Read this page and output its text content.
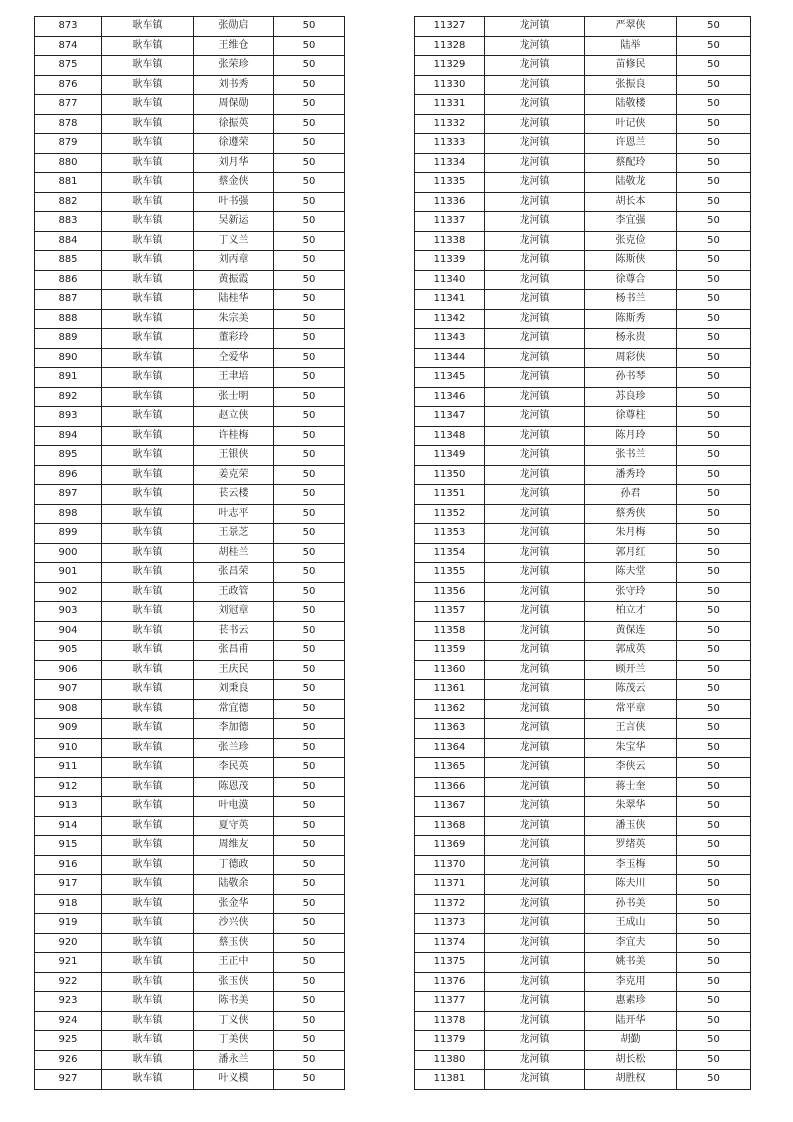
873	耿车镇	张勋启	50
874	耿车镇	王维仓	50
875	耿车镇	张荣珍	50
876	耿车镇	刘书秀	50
877	耿车镇	周保勋	50
878	耿车镇	徐振英	50
879	耿车镇	徐遵荣	50
880	耿车镇	刘月华	50
881	耿车镇	蔡金侠	50
882	耿车镇	叶书强	50
883	耿车镇	吴新运	50
884	耿车镇	丁义兰	50
885	耿车镇	刘丙章	50
886	耿车镇	黄振霞	50
887	耿车镇	陆桂华	50
888	耿车镇	朱宗美	50
889	耿车镇	董彩玲	50
890	耿车镇	仝爱华	50
891	耿车镇	王聿培	50
892	耿车镇	张士明	50
893	耿车镇	赵立侠	50
894	耿车镇	许桂梅	50
895	耿车镇	王银侠	50
896	耿车镇	姜克荣	50
897	耿车镇	苌云楼	50
898	耿车镇	叶志平	50
899	耿车镇	王景芝	50
900	耿车镇	胡桂兰	50
901	耿车镇	张昌荣	50
902	耿车镇	王政管	50
903	耿车镇	刘冠章	50
904	耿车镇	苌书云	50
905	耿车镇	张昌甫	50
906	耿车镇	王庆民	50
907	耿车镇	刘秉良	50
908	耿车镇	常宜德	50
909	耿车镇	李加德	50
910	耿车镇	张兰珍	50
911	耿车镇	李民英	50
912	耿车镇	陈恩茂	50
913	耿车镇	叶电漠	50
914	耿车镇	夏守英	50
915	耿车镇	周维友	50
916	耿车镇	丁德政	50
917	耿车镇	陆敬余	50
918	耿车镇	张金华	50
919	耿车镇	沙兴侠	50
920	耿车镇	蔡玉侠	50
921	耿车镇	王正中	50
922	耿车镇	张玉侠	50
923	耿车镇	陈书美	50
924	耿车镇	丁义侠	50
925	耿车镇	丁美侠	50
926	耿车镇	潘永兰	50
927	耿车镇	叶义模	50
11327	龙河镇	严翠侠	50
11328	龙河镇	陆举	50
11329	龙河镇	苗修民	50
11330	龙河镇	张振良	50
11331	龙河镇	陆敬楼	50
11332	龙河镇	叶记侠	50
11333	龙河镇	许恩兰	50
11334	龙河镇	蔡配玲	50
11335	龙河镇	陆敬龙	50
11336	龙河镇	胡长本	50
11337	龙河镇	李宜强	50
11338	龙河镇	张克俭	50
11339	龙河镇	陈斯侠	50
11340	龙河镇	徐尊合	50
11341	龙河镇	杨书兰	50
11342	龙河镇	陈斯秀	50
11343	龙河镇	杨永贵	50
11344	龙河镇	周彩侠	50
11345	龙河镇	孙书琴	50
11346	龙河镇	苏良珍	50
11347	龙河镇	徐尊柱	50
11348	龙河镇	陈月玲	50
11349	龙河镇	张书兰	50
11350	龙河镇	潘秀玲	50
11351	龙河镇	孙君	50
11352	龙河镇	蔡秀侠	50
11353	龙河镇	朱月梅	50
11354	龙河镇	郭月红	50
11355	龙河镇	陈夫堂	50
11356	龙河镇	张守玲	50
11357	龙河镇	柏立才	50
11358	龙河镇	黄保连	50
11359	龙河镇	郭成英	50
11360	龙河镇	顾开兰	50
11361	龙河镇	陈茂云	50
11362	龙河镇	常平章	50
11363	龙河镇	王言侠	50
11364	龙河镇	朱宝华	50
11365	龙河镇	李侠云	50
11366	龙河镇	蒋士奎	50
11367	龙河镇	朱翠华	50
11368	龙河镇	潘玉侠	50
11369	龙河镇	罗绪英	50
11370	龙河镇	李玉梅	50
11371	龙河镇	陈夫川	50
11372	龙河镇	孙书美	50
11373	龙河镇	王成山	50
11374	龙河镇	李宜夫	50
11375	龙河镇	姚书美	50
11376	龙河镇	李克用	50
11377	龙河镇	惠素珍	50
11378	龙河镇	陆开华	50
11379	龙河镇	胡勤	50
11380	龙河镇	胡长松	50
11381	龙河镇	胡胜权	50
